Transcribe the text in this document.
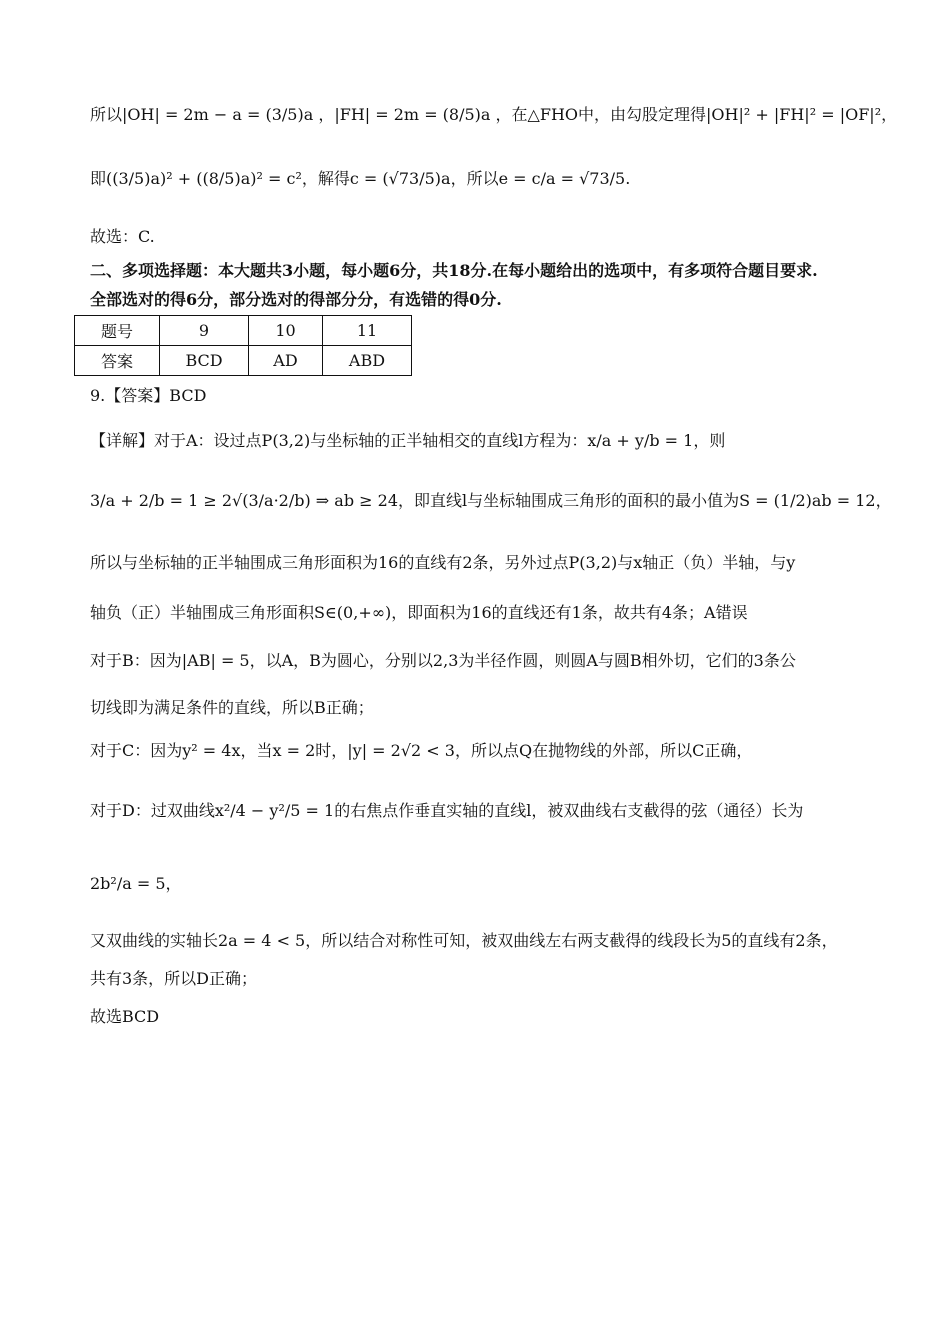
所以|OH| = 2m − a = (3/5)a ，|FH| = 2m = (8/5)a ，在△FHO中，由勾股定理得|OH|² + |FH|² = |OF|²，
即((3/5)a)² + ((8/5)a)² = c²，解得c = (√73/5)a，所以e = c/a = √73/5.
故选：C.
二、多项选择题：本大题共3小题，每小题6分，共18分.在每小题给出的选项中，有多项符合题目要求.
全部选对的得6分，部分选对的得部分分，有选错的得0分.
题号	9	10	11
答案	BCD	AD	ABD
9.【答案】BCD
【详解】对于A：设过点P(3,2)与坐标轴的正半轴相交的直线l方程为：x/a + y/b = 1，则
3/a + 2/b = 1 ≥ 2√(3/a·2/b) ⇒ ab ≥ 24，即直线l与坐标轴围成三角形的面积的最小值为S = (1/2)ab = 12，
所以与坐标轴的正半轴围成三角形面积为16的直线有2条，另外过点P(3,2)与x轴正（负）半轴，与y
轴负（正）半轴围成三角形面积S∈(0,+∞)，即面积为16的直线还有1条，故共有4条；A错误
对于B：因为|AB| = 5，以A，B为圆心，分别以2,3为半径作圆，则圆A与圆B相外切，它们的3条公
切线即为满足条件的直线，所以B正确；
对于C：因为y² = 4x，当x = 2时，|y| = 2√2 < 3，所以点Q在抛物线的外部，所以C正确，
对于D：过双曲线x²/4 − y²/5 = 1的右焦点作垂直实轴的直线l，被双曲线右支截得的弦（通径）长为
2b²/a = 5，
又双曲线的实轴长2a = 4 < 5，所以结合对称性可知，被双曲线左右两支截得的线段长为5的直线有2条，
共有3条，所以D正确；
故选BCD
